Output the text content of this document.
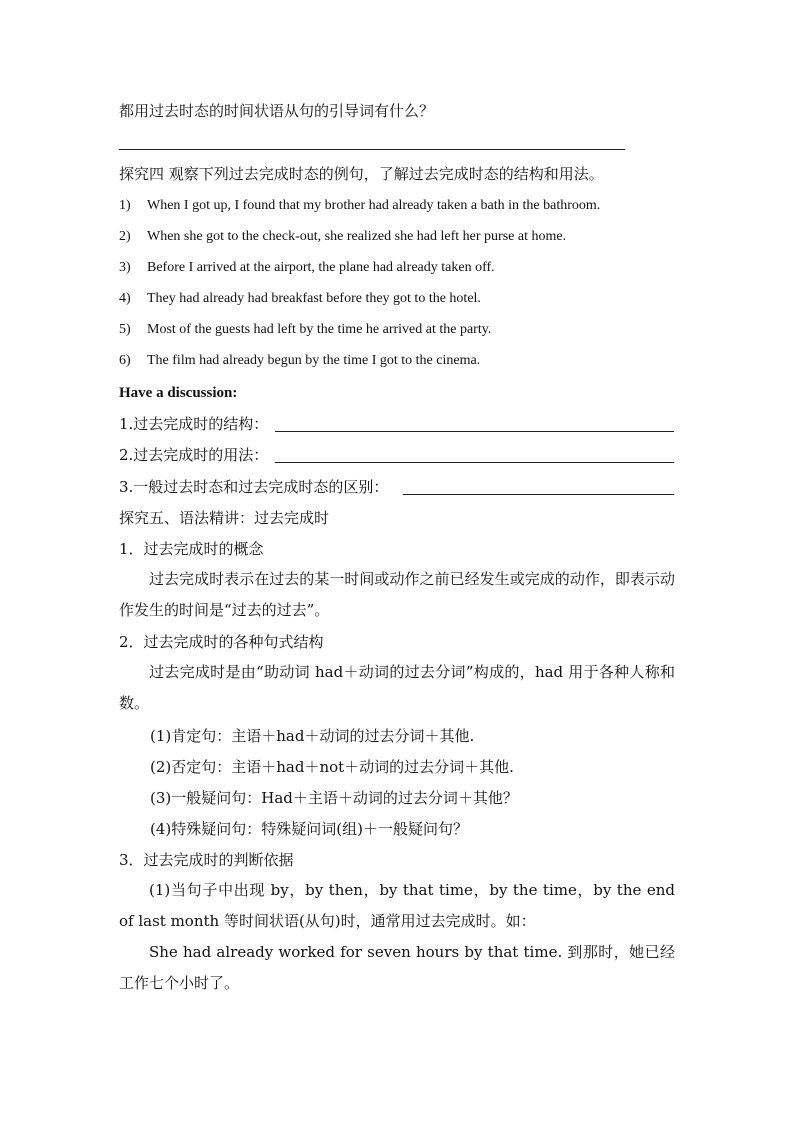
都用过去时态的时间状语从句的引导词有什么？
探究四 观察下列过去完成时态的例句，了解过去完成时态的结构和用法。
1) When I got up, I found that my brother had already taken a bath in the bathroom.
2) When she got to the check-out, she realized she had left her purse at home.
3) Before I arrived at the airport, the plane had already taken off.
4) They had already had breakfast before they got to the hotel.
5) Most of the guests had left by the time he arrived at the party.
6) The film had already begun by the time I got to the cinema.
Have a discussion:
1.过去完成时的结构：
2.过去完成时的用法：
3.一般过去时态和过去完成时态的区别：
探究五、语法精讲：过去完成时
1．过去完成时的概念
过去完成时表示在过去的某一时间或动作之前已经发生或完成的动作，即表示动作发生的时间是“过去的过去”。
2．过去完成时的各种句式结构
过去完成时是由“助动词 had＋动词的过去分词”构成的，had 用于各种人称和数。
(1)肯定句：主语＋had＋动词的过去分词＋其他.
(2)否定句：主语＋had＋not＋动词的过去分词＋其他.
(3)一般疑问句：Had＋主语＋动词的过去分词＋其他？
(4)特殊疑问句：特殊疑问词(组)＋一般疑问句？
3．过去完成时的判断依据
(1)当句子中出现 by，by then，by that time，by the time，by the end of last month 等时间状语(从句)时，通常用过去完成时。如：
She had already worked for seven hours by that time. 到那时，她已经工作七个小时了。
